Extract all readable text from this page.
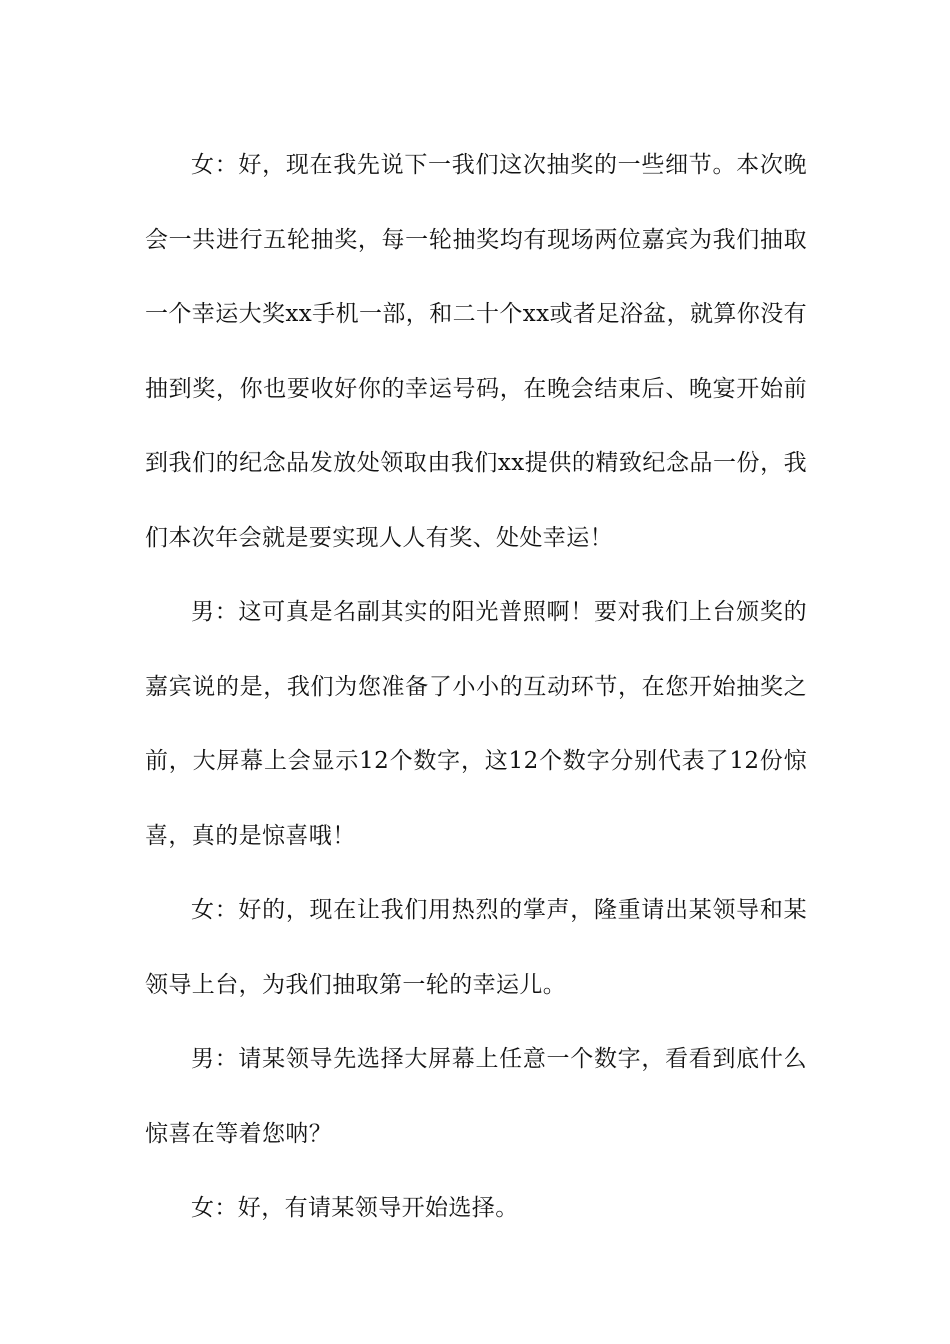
女：好，现在我先说下一我们这次抽奖的一些细节。本次晚会一共进行五轮抽奖，每一轮抽奖均有现场两位嘉宾为我们抽取一个幸运大奖xx手机一部，和二十个xx或者足浴盆，就算你没有抽到奖，你也要收好你的幸运号码，在晚会结束后、晚宴开始前到我们的纪念品发放处领取由我们xx提供的精致纪念品一份，我们本次年会就是要实现人人有奖、处处幸运！

男：这可真是名副其实的阳光普照啊！要对我们上台颁奖的嘉宾说的是，我们为您准备了小小的互动环节，在您开始抽奖之前，大屏幕上会显示12个数字，这12个数字分别代表了12份惊喜，真的是惊喜哦！

女：好的，现在让我们用热烈的掌声，隆重请出某领导和某领导上台，为我们抽取第一轮的幸运儿。

男：请某领导先选择大屏幕上任意一个数字，看看到底什么惊喜在等着您呐？

女：好，有请某领导开始选择。
